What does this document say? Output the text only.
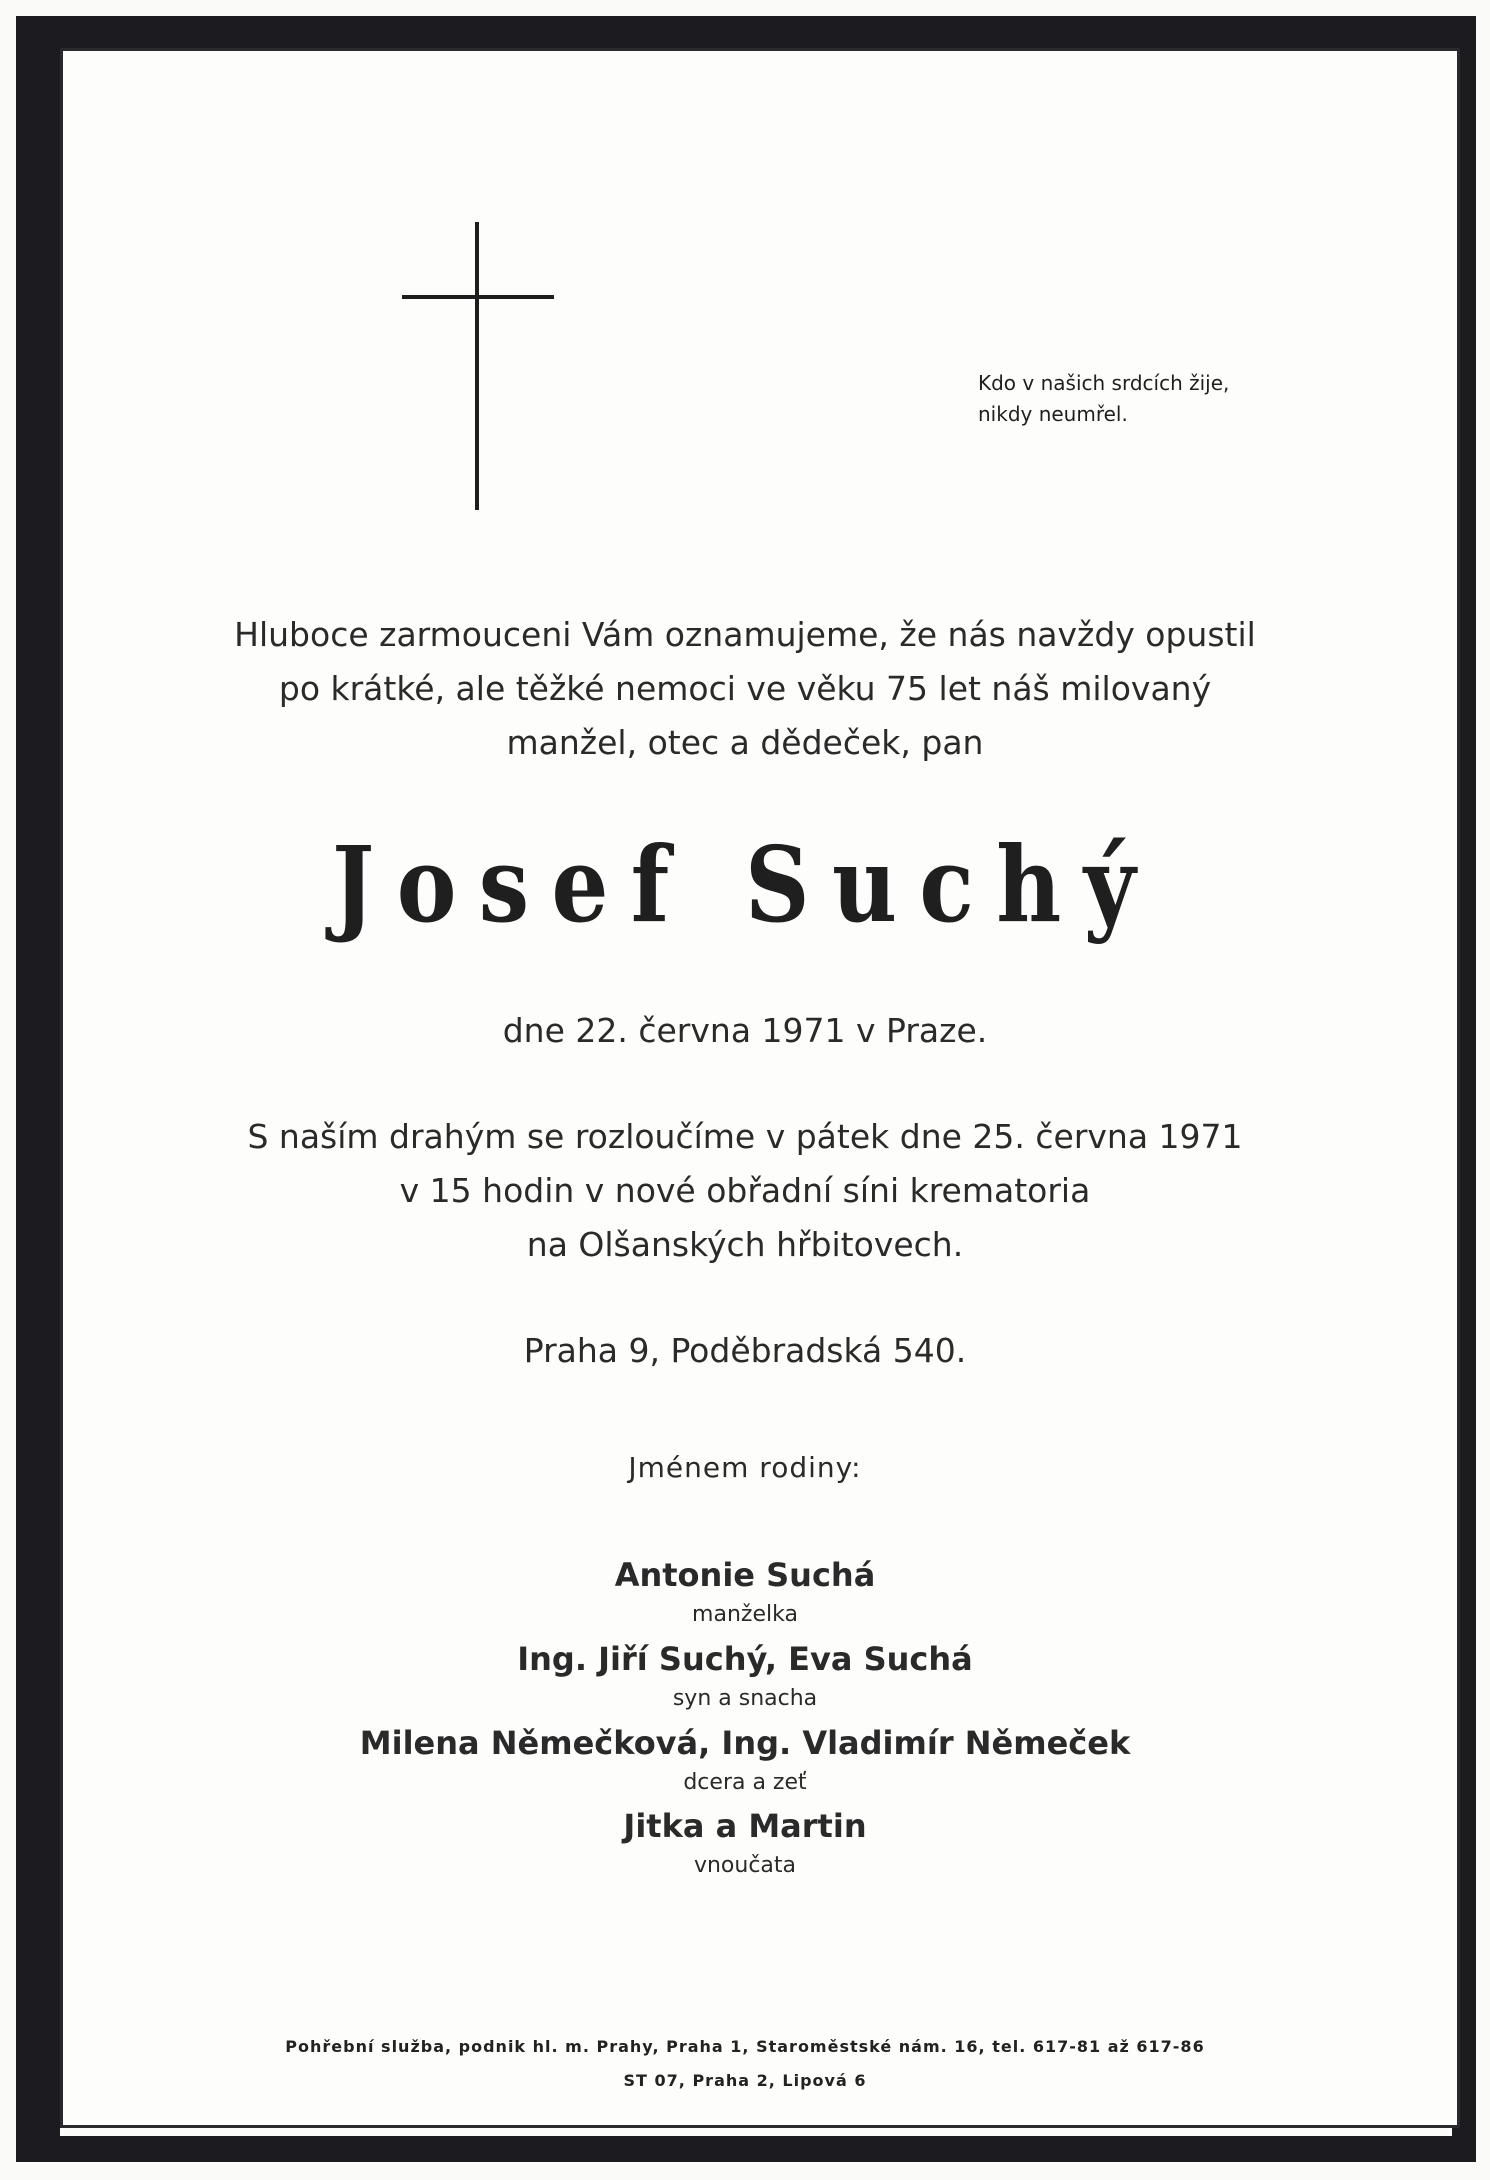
Kdo v našich srdcích žije,
nikdy neumřel.
Hluboce zarmouceni Vám oznamujeme, že nás navždy opustil
po krátké, ale těžké nemoci ve věku 75 let náš milovaný
manžel, otec a dědeček, pan
Josef Suchý
dne 22. června 1971 v Praze.
S naším drahým se rozloučíme v pátek dne 25. června 1971
v 15 hodin v nové obřadní síni krematoria
na Olšanských hřbitovech.
Praha 9, Poděbradská 540.
Jménem rodiny:
Antonie Suchá
manželka
Ing. Jiří Suchý, Eva Suchá
syn a snacha
Milena Němečková, Ing. Vladimír Němeček
dcera a zeť
Jitka a Martin
vnoučata
Pohřební služba, podnik hl. m. Prahy, Praha 1, Staroměstské nám. 16, tel. 617-81 až 617-86
ST 07, Praha 2, Lipová 6
